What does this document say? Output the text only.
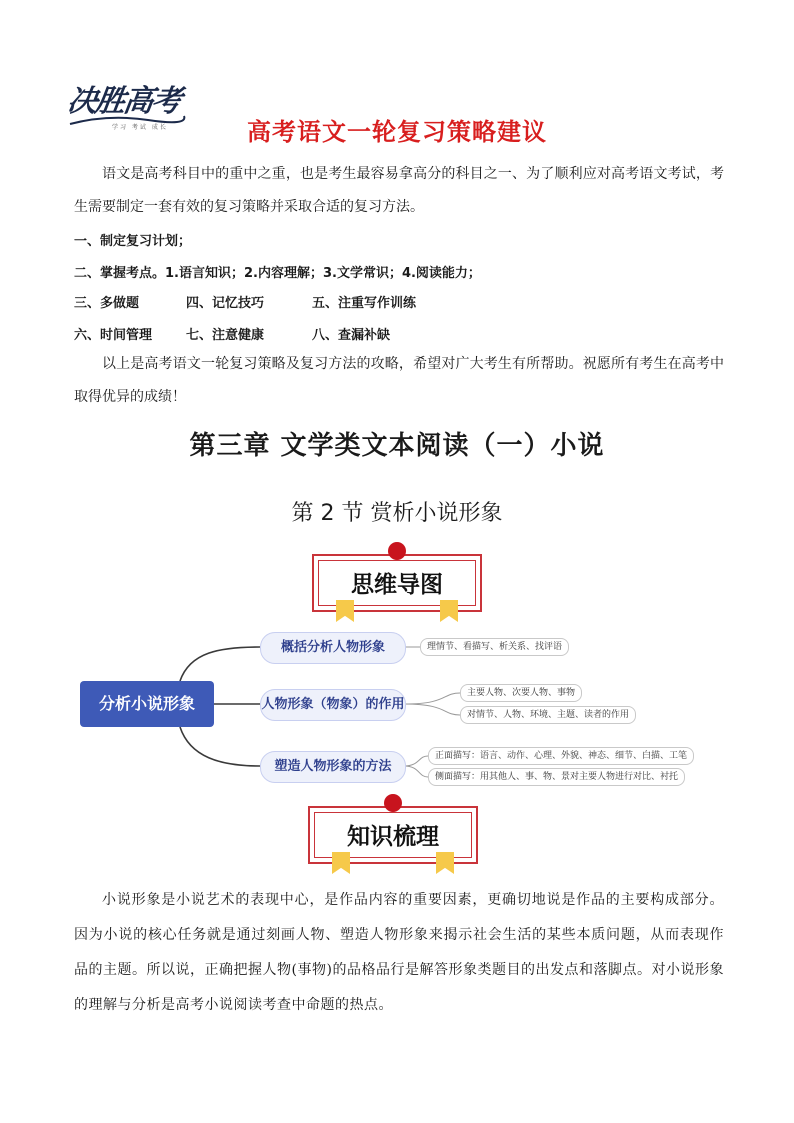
决胜高考
学习 考试 成长	高考语文一轮复习策略建议

语文是高考科目中的重中之重，也是考生最容易拿高分的科目之一、为了顺利应对高考语文考试，考生需要制定一套有效的复习策略并采取合适的复习方法。

一、制定复习计划；
二、掌握考点。1.语言知识；2.内容理解；3.文学常识；4.阅读能力；
三、多做题	四、记忆技巧	五、注重写作训练
六、时间管理	七、注意健康	八、查漏补缺

以上是高考语文一轮复习策略及复习方法的攻略，希望对广大考生有所帮助。祝愿所有考生在高考中取得优异的成绩！

第三章 文学类文本阅读（一）小说
第 2 节 赏析小说形象
思维导图
分析小说形象
概括分析人物形象
人物形象（物象）的作用
塑造人物形象的方法
理情节、看描写、析关系、找评语
主要人物、次要人物、事物
对情节、人物、环境、主题、读者的作用
正面描写：语言、动作、心理、外貌、神态、细节、白描、工笔
侧面描写：用其他人、事、物、景对主要人物进行对比、衬托
知识梳理

小说形象是小说艺术的表现中心，是作品内容的重要因素，更确切地说是作品的主要构成部分。因为小说的核心任务就是通过刻画人物、塑造人物形象来揭示社会生活的某些本质问题，从而表现作品的主题。所以说，正确把握人物(事物)的品格品行是解答形象类题目的出发点和落脚点。对小说形象的理解与分析是高考小说阅读考查中命题的热点。
